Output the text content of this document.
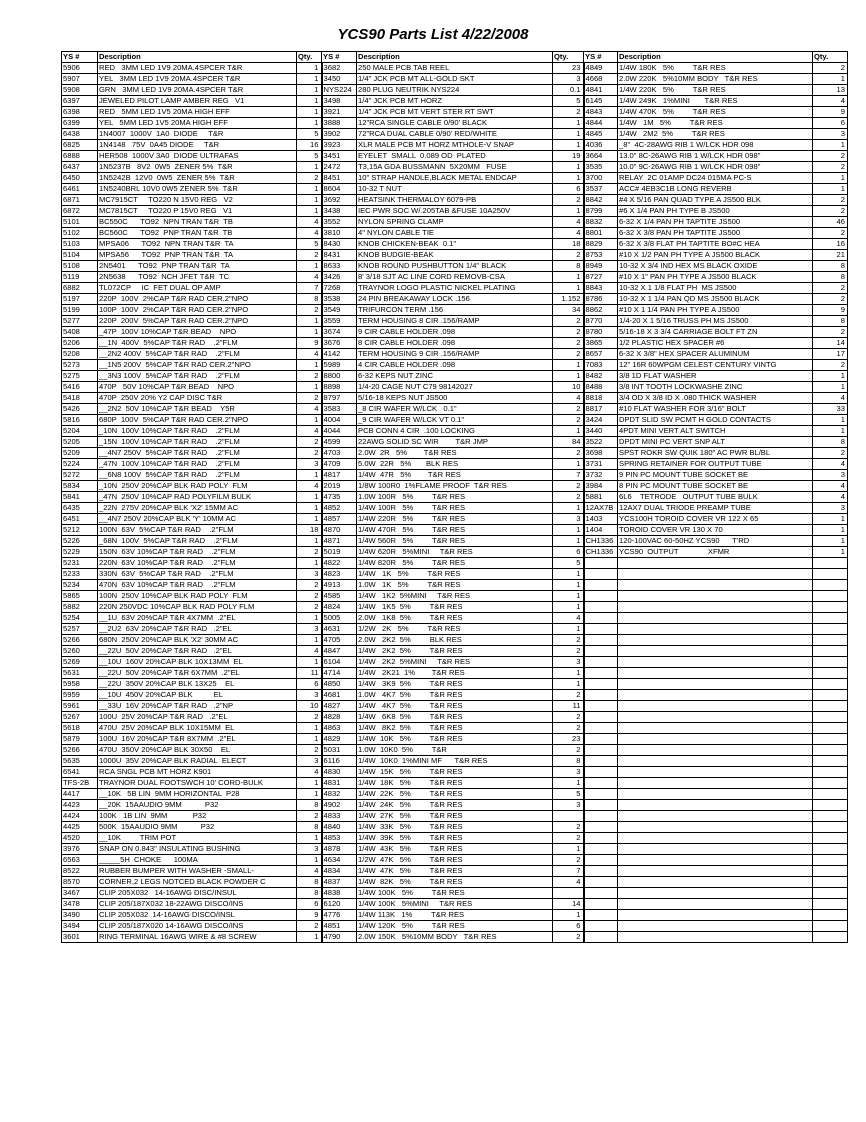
YCS90 Parts List 4/22/2008
YS #	Description	Qty.	YS #	Description	Qty.	YS #	Description	Qty.
5906	RED   3MM LED 1V9 20MA.4SPCER T&R	1	3682	250 MALE PCB TAB REEL	23	4849	1/4W 180K   5%         T&R RES	2
5907	YEL   3MM LED 1V9 20MA.4SPCER T&R	1	3450	1/4" JCK PCB MT ALL-GOLD SKT	3	4668	2.0W 220K   5%10MM BODY   T&R RES	1
5908	GRN   3MM LED 1V9 20MA.4SPCER T&R	1	NYS224	280 PLUG NEUTRIK NYS224	0.1	4841	1/4W 220K   5%         T&R RES	13
6397	JEWELED PILOT LAMP AMBER REG   V1	1	3498	1/4" JCK PCB MT HORZ	5	6145	1/4W 249K   1%MINI       T&R RES	4
6398	RED   5MM LED 1V5 20MA HIGH EFF	1	3921	1/4" JCK PCB MT VERT STER RT SWT	2	4843	1/4W 470K   5%         T&R RES	9
6399	YEL   5MM LED 1V5 20MA HIGH EFF	1	3888	12"RCA SINGLE CABLE 0/90' BLACK	1	4844	1/4W   1M   5%         T&R RES	6
6438	1N4007  1000V  1A0  DIODE     T&R	5	3902	72"RCA DUAL CABLE 0/90' RED/WHITE	1	4845	1/4W   2M2  5%         T&R RES	3
6825	1N4148   75V  0A45 DIODE     T&R	16	3923	XLR MALE PCB MT HORZ MTHOLE-V SNAP	1	4036	_8"  4C-28AWG RIB 1 W/LCK HDR 098	1
6888	HER508  1000V 3A0  DIODE ULTRAFAS	5	3451	EYELET  SMALL  0.089 OD  PLATED	19	3664	13.0" 8C-26AWG RIB 1 W/LCK HDR 098"	2
6437	1N5237B   8V2  0W5  ZENER 5%  T&R	1	2472	T3,15A GDA BUSSMANN  5X20MM   FUSE	1	3535	10.0" 9C-26AWG RIB 1 W/LCK HDR 098"	2
6450	1N5242B  12V0  0W5  ZENER 5%  T&R	2	8451	10" STRAP HANDLE,BLACK METAL ENDCAP	1	3700	RELAY  2C 01AMP DC24 015MA PC-S	1
6461	1N5240BRL 10V0 0W5 ZENER 5%  T&R	1	8604	10-32 T NUT	6	3537	ACC# 4EB3C1B LONG REVERB	1
6871	MC7915CT     TO220 N 15V0 REG   V2	1	3692	HEATSINK THERMALOY 6079-PB	2	8842	#4 X 5/16 PAN QUAD TYPE A JS500 BLK	2
6872	MC7815CT     TO220 P 15V0 REG   V1	1	3438	IEC PWR SOC W/.205TAB &FUSE 10A250V	1	8799	#6 X 1/4 PAN PH TYPE B JS500	2
5101	BC550C      TO92  NPN TRAN T&R  TB	4	3552	NYLON SPRING CLAMP	4	8832	6-32 X 1/4 PAN PH TAPTITE JS500	46
5102	BC560C      TO92  PNP TRAN T&R  TB	4	3810	4" NYLON CABLE TIE	4	8801	6-32 X 3/8 PAN PH TAPTITE JS500	2
5103	MPSA06      TO92  NPN TRAN T&R  TA	5	8430	KNOB CHICKEN-BEAK  0.1"	18	8829	6-32 X 3/8 FLAT PH TAPTITE BO#C HEA	16
5104	MPSA56      TO92  PNP TRAN T&R  TA	2	8431	KNOB BUDGIE-BEAK	2	8753	#10 X 1/2 PAN PH TYPE A JS500 BLACK	21
5108	2N5401      TO92  PNP TRAN T&R  TA	1	8633	KNOB ROUND PUSHBUTTON 1/4" BLACK	8	8949	10-32 X 3/4 IND HEX MS BLACK OXIDE	8
5119	2N5638      TO92  NCH JFET T&R  TC	4	3426	8' 3/18 SJT AC LINE CORD REMOVB-CSA	1	8727	#10 X 1" PAN PH TYPE A JS500 BLACK	8
6882	TL072CP     IC  FET DUAL OP AMP	7	7268	TRAYNOR LOGO PLASTIC NICKEL PLATING	1	8843	10-32 X 1 1/8 FLAT PH  MS JS500	2
5197	220P  100V  2%CAP T&R RAD CER.2"NPO	8	3538	24 PIN BREAKAWAY LOCK .156	1.152	8786	10-32 X 1 1/4 PAN QD MS JS500 BLACK	2
5199	100P  100V  2%CAP T&R RAD CER.2"NPO	2	3549	TRIFURCON TERM .156	34	8862	#10 X 1 1/4 PAN PH TYPE A JS500	9
5277	220P  200V  5%CAP T&R RAD CER.2"NPO	1	3559	TERM HOUSING 8 CIR .156/RAMP	2	8770	1/4-20 X 1 5/16 TRUSS PH MS JS500	8
5408	_47P  100V 10%CAP T&R BEAD    NPO	1	3674	9 CIR CABLE HOLDER .098	2	8780	5/16-18 X 3 3/4 CARRIAGE BOLT FT ZN	2
5206	__1N  400V  5%CAP T&R RAD    .2"FLM	9	3676	8 CIR CABLE HOLDER .098	2	3865	1/2 PLASTIC HEX SPACER #6	14
5208	__2N2 400V  5%CAP T&R RAD    .2"FLM	4	4142	TERM HOUSING 9 CIR .156/RAMP	2	8657	6-32 X 3/8" HEX SPACER ALUMINUM	17
5273	__1N5 200V  5%CAP T&R RAD CER.2"NPO	1	5989	4 CIR CABLE HOLDER .098	1	7083	12" 16R 60WPGM CELEST CENTURY VINTG	2
5275	__3N3 100V  5%CAP T&R RAD    .2"FLM	2	8800	6-32 KEPS NUT ZINC	1	8482	3/8 1D FLAT WASHER	1
5416	470P   50V 10%CAP T&R BEAD    NPO	1	8898	1/4-20 CAGE NUT C79 98142027	10	8488	3/8 INT TOOTH LOCKWASHE ZINC	1
5418	470P  250V 20% Y2 CAP DISC T&R	2	8797	5/16-18 KEPS NUT JS500	4	8818	3/4 OD X 3/8 ID X .080 THICK WASHER	4
5426	__2N2  50V 10%CAP T&R BEAD    Y5R	4	3583	_8 CIR WAFER W/LCK   0.1"	2	8817	#10 FLAT WASHER FOR 3/16" BOLT	33
5816	680P  100V  5%CAP T&R RAD CER.2"NPO	1	4004	_9 CIR WAFER W/LCK VT 0.1"	2	3424	DPDT SLID SW PCMT H GOLD CONTACTS	1
5204	_10N  100V 10%CAP T&R RAD    .2"FLM	4	4044	PCB CONN 4 CIR  .100 LOCKING	1	3440	4PDT MINI VERT ALT SWITCH	1
5205	_15N  100V 10%CAP T&R RAD    .2"FLM	2	4599	22AWG SOLID SC WIR        T&R JMP	84	3522	DPDT MINI PC VERT SNP ALT	8
5209	__4N7 250V  5%CAP T&R RAD    .2"FLM	2	4703	2.0W  2R   5%        T&R RES	2	3698	SPST ROKR SW QUIK 180" AC PWR BL/BL	2
5224	_47N  100V 10%CAP T&R RAD    .2"FLM	3	4709	5.0W  22R   5%       BLK RES	1	3731	SPRING RETAINER FOR OUTPUT TUBE	4
5272	__6N8 100V  5%CAP T&R RAD    .2"FLM	1	4817	1/4W  47R   5%        T&R RES	7	3732	9 PIN PC MOUNT TUBE SOCKET BE	3
5834	_10N  250V 20%CAP BLK RAD POLY  FLM	4	2019	1/8W 100R0  1%FLAME PROOF  T&R RES	2	3984	8 PIN PC MOUNT TUBE SOCKET BE	4
5841	_47N  250V 10%CAP RAD POLYFILM BULK	1	4735	1.0W 100R   5%         T&R RES	2	5881	6L6    TETRODE   OUTPUT TUBE BULK	4
6435	_22N  275V 20%CAP BLK 'X2' 15MM AC	1	4852	1/4W 100R   5%         T&R RES	1	12AX7B	12AX7 DUAL TRIODE PREAMP TUBE	3
6451	__4N7 250V 20%CAP BLK 'Y' 10MM AC	1	4857	1/4W 220R   5%         T&R RES	3	1403	YCS100H TOROID COVER VR 122 X 65	1
5212	100N  63V  5%CAP T&R RAD    .2"FLM	18	4870	1/4W 470R   5%         T&R RES	1	1404	TOROID COVER VR 130 X 70	1
5226	_68N  100V  5%CAP T&R RAD    .2"FLM	1	4871	1/4W 560R   5%         T&R RES	1	CH1336	120-100VAC 60-50HZ YCS90      T'RD	1
5229	150N  63V 10%CAP T&R RAD    .2"FLM	2	5019	1/4W 620R   5%MINI     T&R RES	6	CH1336	YCS90  OUTPUT              XFMR	1
5231	220N  63V 10%CAP T&R RAD    .2"FLM	1	4822	1/4W 820R   5%         T&R RES	5			
5233	330N  63V  5%CAP T&R RAD    .2"FLM	3	4823	1/4W   1K   5%         T&R RES	1			
5234	470N  63V 10%CAP T&R RAD    .2"FLM	2	4913	1.0W   1K   5%         T&R RES	1			
5865	100N  250V 10%CAP BLK RAD POLY  FLM	2	4585	1/4W   1K2  5%MINI     T&R RES	1			
5882	220N 250VDC 10%CAP BLK RAD POLY FLM	2	4824	1/4W   1K5  5%         T&R RES	1			
5254	__1U  63V 20%CAP T&R 4X7MM  .2"EL	1	5005	2.0W   1K8  5%         T&R RES	4			
5257	__2U2  63V 20%CAP T&R RAD   .2"EL	3	4631	1/2W   2K   5%         T&R RES	1			
5266	680N  250V 20%CAP BLK 'X2' 30MM AC	1	4705	2.0W   2K2  5%         BLK RES	2			
5260	__22U  50V 20%CAP T&R RAD   .2"EL	4	4847	1/4W   2K2  5%         T&R RES	2			
5269	__10U  160V 20%CAP BLK 10X13MM  EL	1	6104	1/4W   2K2  5%MINI     T&R RES	3			
5631	__22U  50V 20%CAP T&R 6X7MM  .2"EL	11	4714	1/4W   2K21  1%        T&R RES	1			
5958	__22U  350V 20%CAP BLK 13X25    EL	6	4850	1/4W   3K9  5%         T&R RES	1			
5959	__10U  450V 20%CAP BLK          EL	3	4681	1.0W   4K7  5%         T&R RES	2			
5961	__33U  16V 20%CAP T&R RAD   .2"NP	10	4827	1/4W   4K7  5%         T&R RES	11			
5267	100U  25V 20%CAP T&R RAD   .2"EL	2	4828	1/4W   6K8  5%         T&R RES	2			
5618	470U  25V 20%CAP BLK 10X15MM  EL	1	4863	1/4W   8K2  5%         T&R RES	2			
5879	100U  16V 20%CAP T&R 8X7MM  .2"EL	1	4829	1/4W  10K   5%         T&R RES	23			
5266	470U  350V 20%CAP BLK 30X50    EL	2	5031	1.0W  10K0  5%         T&R	2			
5635	1000U  35V 20%CAP BLK RADIAL  ELECT	3	6116	1/4W  10K0  1%MINI MF      T&R RES	8			
6541	RCA SNGL PCB MT HORZ K901	4	4830	1/4W  15K   5%         T&R RES	3			
TFS-2B	TRAYNOR DUAL FOOTSWCH 10' CORD-BULK	1	4831	1/4W  18K   5%         T&R RES	1			
4417	__10K   5B LIN  9MM HORIZONTAL  P28	1	4832	1/4W  22K   5%         T&R RES	5			
4423	__20K  15AAUDIO 9MM           P32	8	4902	1/4W  24K   5%         T&R RES	3			
4424	100K   1B LIN  9MM            P32	2	4833	1/4W  27K   5%         T&R RES				
4425	500K  15AAUDIO 9MM           P32	8	4840	1/4W  33K   5%         T&R RES	2			
4520	__10K         TRIM POT	1	4853	1/4W  39K   5%         T&R RES	2			
3976	SNAP ON 0.843" INSULATING BUSHING	3	4878	1/4W  43K   5%         T&R RES	1			
6563	_____5H  CHOKE      100MA	1	4634	1/2W  47K   5%         T&R RES	2			
8522	RUBBER BUMPER WITH WASHER -SMALL-	4	4834	1/4W  47K   5%         T&R RES	7			
8570	CORNER,2 LEGS NOTCED BLACK POWDER C	8	4837	1/4W  82K   5%         T&R RES	4			
3467	CLIP 205X032   14-16AWG DISC/INSUL	8	4838	1/4W 100K   5%         T&R RES				
3478	CLIP 205/187X032 18-22AWG DISCO/INS	6	6120	1/4W 100K   5%MINI     T&R RES	14			
3490	CLIP 205X032  14-16AWG DISCO/INSL	9	4776	1/4W 113K   1%         T&R RES	1			
3494	CLIP 205/187X020 14-16AWG DISCO/INS	2	4851	1/4W 120K   5%         T&R RES	6			
3601	RING TERMINAL 16AWG WIRE & #8 SCREW	1	4790	2.0W 150K   5%10MM BODY   T&R RES	2			
